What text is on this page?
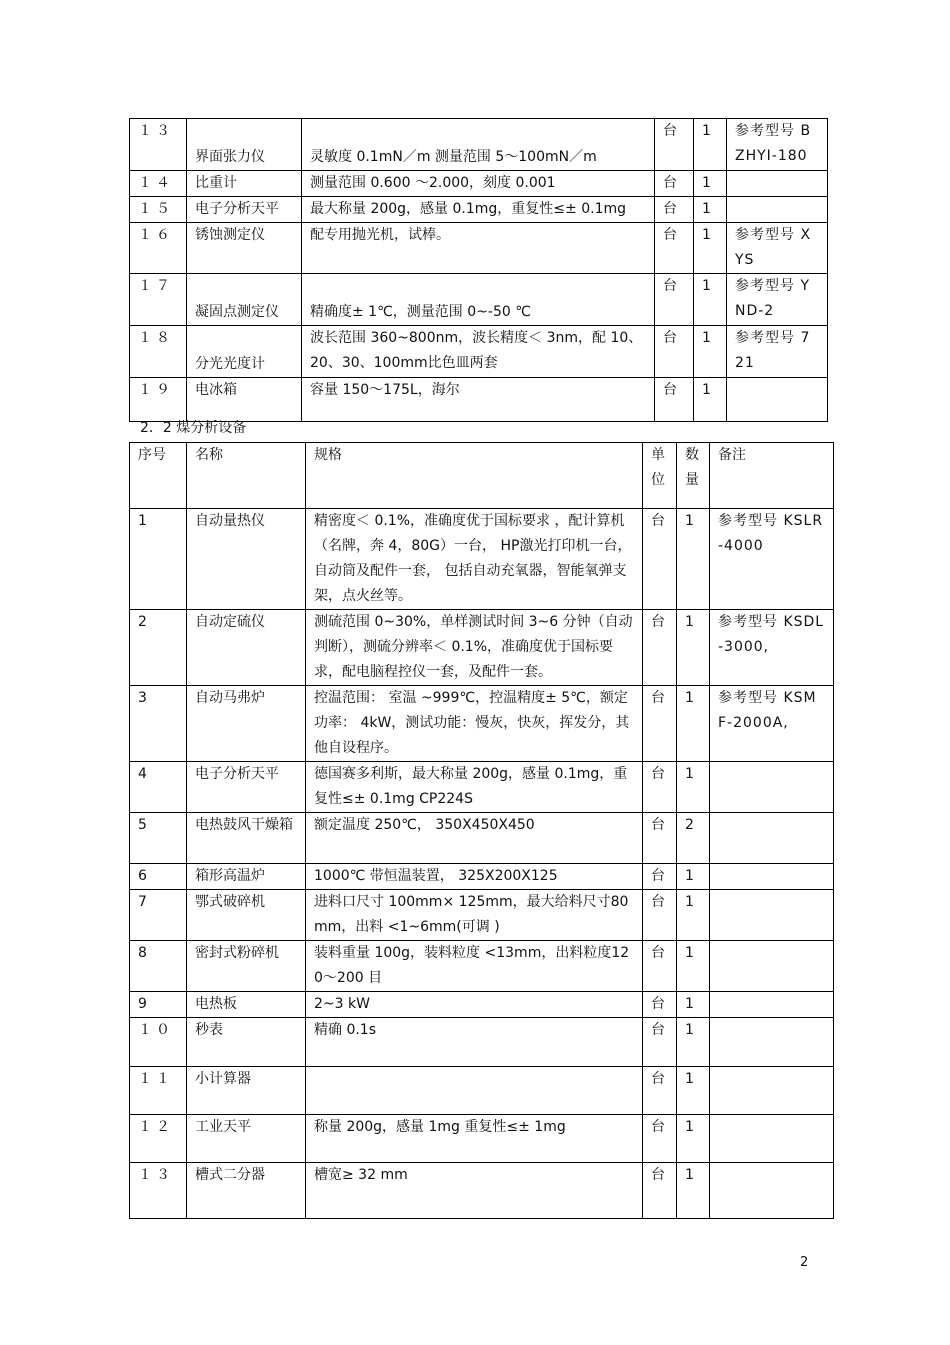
１３	界面张力仪	灵敏度 0.1mN／m 测量范围 5～100mN／m	台	1	参考型号 BZHYI-180
１４	比重计	测量范围 0.600 ～2.000，刻度 0.001	台	1	
１５	电子分析天平	最大称量 200g，感量 0.1mg，重复性≤± 0.1mg	台	1	
１６	锈蚀测定仪	配专用抛光机，试棒。	台	1	参考型号 XYS
１７	凝固点测定仪	精确度± 1℃，测量范围 0~-50 ℃	台	1	参考型号 YND-2
１８	分光光度计	波长范围 360~800nm，波长精度＜ 3nm，配 10、20、30、100mm比色皿两套	台	1	参考型号 721
１９	电冰箱	容量 150～175L，海尔	台	1	
2．2 煤分析设备
序号	名称	规格	单位	数量	备注
1	自动量热仪	精密度＜ 0.1%，准确度优于国标要求 ，配计算机（名牌，奔 4，80G）一台， HP激光打印机一台， 自动筒及配件一套， 包括自动充氧器，智能氧弹支架，点火丝等。	台	1	参考型号 KSLR-4000
2	自动定硫仪	测硫范围 0~30%，单样测试时间 3~6 分钟（自动判断），测硫分辨率＜ 0.1%，准确度优于国标要求，配电脑程控仪一套，及配件一套。	台	1	参考型号 KSDL-3000,
3	自动马弗炉	控温范围： 室温 ~999℃，控温精度± 5℃，额定功率： 4kW，测试功能：慢灰，快灰，挥发分，其他自设程序。	台	1	参考型号 KSMF-2000A,
4	电子分析天平	德国赛多利斯，最大称量 200g，感量 0.1mg，重复性≤± 0.1mg CP224S	台	1	
5	电热鼓风干燥箱	额定温度 250℃， 350X450X450	台	2	
6	箱形高温炉	1000℃ 带恒温装置， 325X200X125	台	1	
7	鄂式破碎机	进料口尺寸 100mm× 125mm，最大给料尺寸80mm，出料 <1~6mm(可调 )	台	1	
8	密封式粉碎机	装料重量 100g，装料粒度 <13mm，出料粒度120～200 目	台	1	
9	电热板	2~3 kW	台	1	
１０	秒表	精确 0.1s	台	1	
１１	小计算器		台	1	
１２	工业天平	称量 200g，感量 1mg 重复性≤± 1mg	台	1	
１３	槽式二分器	槽宽≥ 32 mm	台	1	
2
